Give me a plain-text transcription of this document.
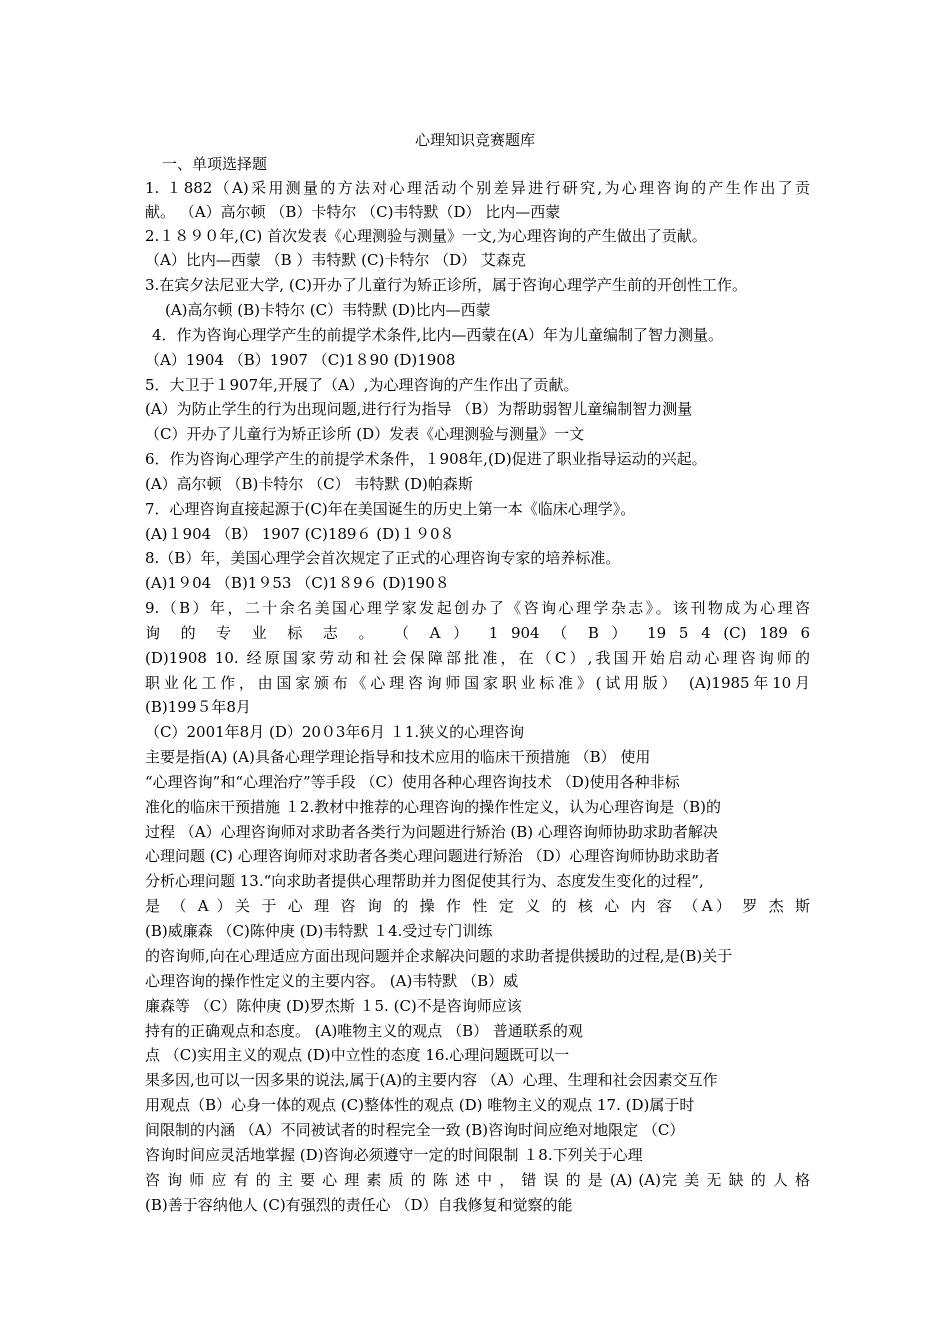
心理知识竞赛题库
一、单项选择题
1. １882（A)采用测量的方法对心理活动个别差异进行研究,为心理咨询的产生作出了贡
献。 （A）高尔顿 （B）卡特尔 （C)韦特默（D） 比内—西蒙
2.１８９０年,(C) 首次发表《心理测验与测量》一文,为心理咨询的产生做出了贡献。
（A）比内—西蒙 （B ）韦特默 (C)卡特尔 （D） 艾森克
3.在宾夕法尼亚大学, (C)开办了儿童行为矫正诊所，属于咨询心理学产生前的开创性工作。
(A)高尔顿 (B)卡特尔 (C）韦特默 (D)比内—西蒙
4．作为咨询心理学产生的前提学术条件,比内—西蒙在(A）年为儿童编制了智力测量。
（A）1904 （B）1907 （C)1８90 (D)1908
5．大卫于１907年,开展了（A）,为心理咨询的产生作出了贡献。
(A）为防止学生的行为出现问题,进行行为指导 （B）为帮助弱智儿童编制智力测量
（C）开办了儿童行为矫正诊所 (D）发表《心理测验与测量》一文
6．作为咨询心理学产生的前提学术条件，１908年,(D)促进了职业指导运动的兴起。
(A）高尔顿 （B)卡特尔 （C） 韦特默 (D)帕森斯
7．心理咨询直接起源于(C)年在美国诞生的历史上第一本《临床心理学》。
(A)１904 （B） 1907 (C)189６ (D)１９0８
8.（B）年，美国心理学会首次规定了正式的心理咨询专家的培养标准。
(A)1９04 （B)1９53 （C)1８9６ (D)190８
9.（B）年，二十余名美国心理学家发起创办了《咨询心理学杂志》。该刊物成为心理咨
询 的 专 业 标 志 。 （ A ） 1 904 （ B ） 19 5 4 (C) 189 6
(D)1908 10. 经原国家劳动和社会保障部批准，在（C）,我国开始启动心理咨询师的
职业化工作，由国家颁布《心理咨询师国家职业标准》(试用版） (A)1985年10月
(B)199５年8月
（C）2001年8月 (D）20０3年6月 １1.狭义的心理咨询
主要是指(A) (A)具备心理学理论指导和技术应用的临床干预措施 （B） 使用
“心理咨询”和“心理治疗”等手段 （C）使用各种心理咨询技术 （D)使用各种非标
准化的临床干预措施 １2.教材中推荐的心理咨询的操作性定义，认为心理咨询是（B)的
过程 （A）心理咨询师对求助者各类行为问题进行矫治 (B) 心理咨询师协助求助者解决
心理问题 (C) 心理咨询师对求助者各类心理问题进行矫治 （D）心理咨询师协助求助者
分析心理问题 13.“向求助者提供心理帮助并力图促使其行为、态度发生变化的过程”,
是 （ A ）关 于 心 理 咨 询 的 操 作 性 定 义 的 核 心 内 容 （A） 罗 杰 斯
(B)威廉森 （C)陈仲庚 (D)韦特默 １4.受过专门训练
的咨询师,向在心理适应方面出现问题并企求解决问题的求助者提供援助的过程,是(B)关于
心理咨询的操作性定义的主要内容。 (A)韦特默 （B）威
廉森等 （C）陈仲庚 (D)罗杰斯 １5. (C)不是咨询师应该
持有的正确观点和态度。 (A)唯物主义的观点 （B） 普通联系的观
点 （C)实用主义的观点 (D)中立性的态度 16.心理问题既可以一
果多因,也可以一因多果的说法,属于(A)的主要内容 （A）心理、生理和社会因素交互作
用观点（B）心身一体的观点 (C)整体性的观点 (D) 唯物主义的观点 17. (D)属于时
间限制的内涵 （A）不同被试者的时程完全一致 (B)咨询时间应绝对地限定 （C）
咨询时间应灵活地掌握 (D)咨询必须遵守一定的时间限制 １8.下列关于心理
咨 询 师 应 有 的 主 要 心 理 素 质 的 陈 述 中 ， 错 误 的 是 (A) (A)完 美 无 缺 的 人 格
(B)善于容纳他人 (C)有强烈的责任心 （D）自我修复和觉察的能
